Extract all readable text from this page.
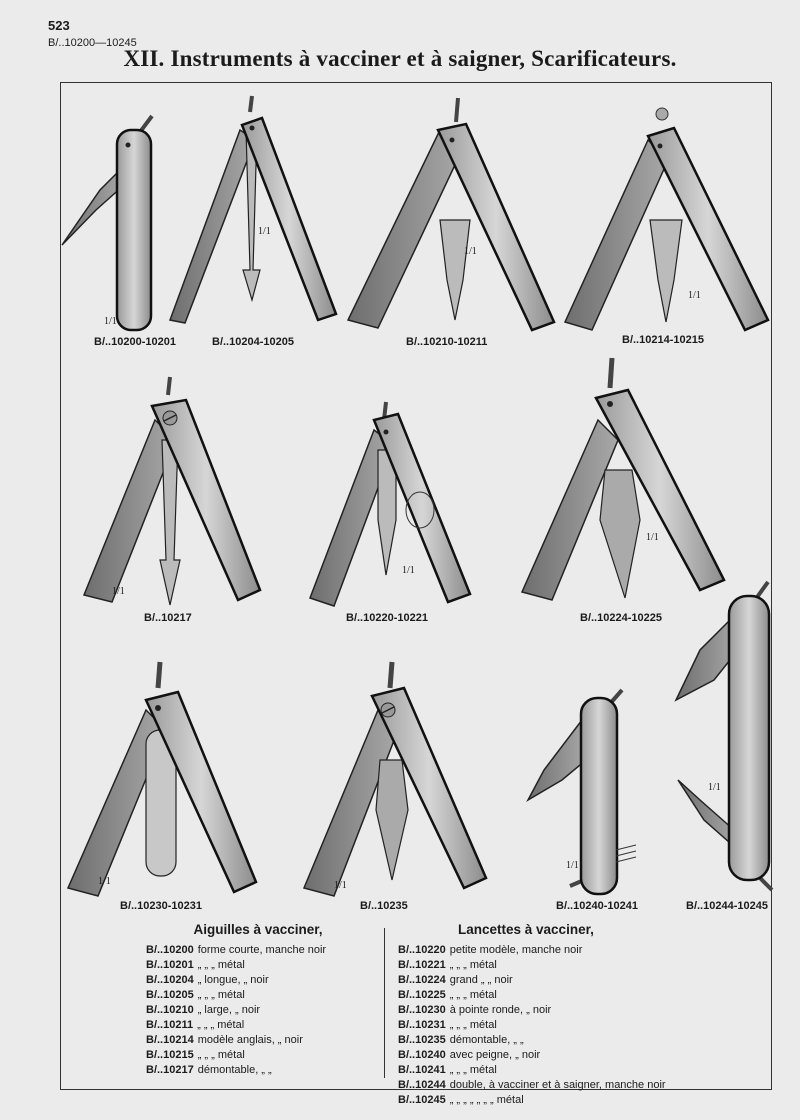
523
B/..10200—10245
XII. Instruments à vacciner et à saigner, Scarificateurs.
1/1
1/1
1/1
1/1
1/1
1/1
1/1
1/1	1/1
1/1
1/1
B/..10200-10201	B/..10204-10205	B/..10210-10211	B/..10214-10215
B/..10217	B/..10220-10221	B/..10224-10225
B/..10230-10231	B/..10235	B/..10240-10241	B/..10244-10245
Aiguilles à vacciner,
B/..10200 forme courte, manche noir
B/..10201 „ „ „ métal
B/..10204 „ longue, „ noir
B/..10205 „ „ „ métal
B/..10210 „ large, „ noir
B/..10211 „ „ „ métal
B/..10214 modèle anglais, „ noir
B/..10215 „ „ „ métal
B/..10217 démontable, „ „
Lancettes à vacciner,
B/..10220 petite modèle, manche noir
B/..10221 „ „ „ métal
B/..10224 grand „ „ noir
B/..10225 „ „ „ métal
B/..10230 à pointe ronde, „ noir
B/..10231 „ „ „ métal
B/..10235 démontable, „ „
B/..10240 avec peigne, „ noir
B/..10241 „ „ „ métal
B/..10244 double, à vacciner et à saigner, manche noir
B/..10245 „ „ „ „ „ „ „ métal
